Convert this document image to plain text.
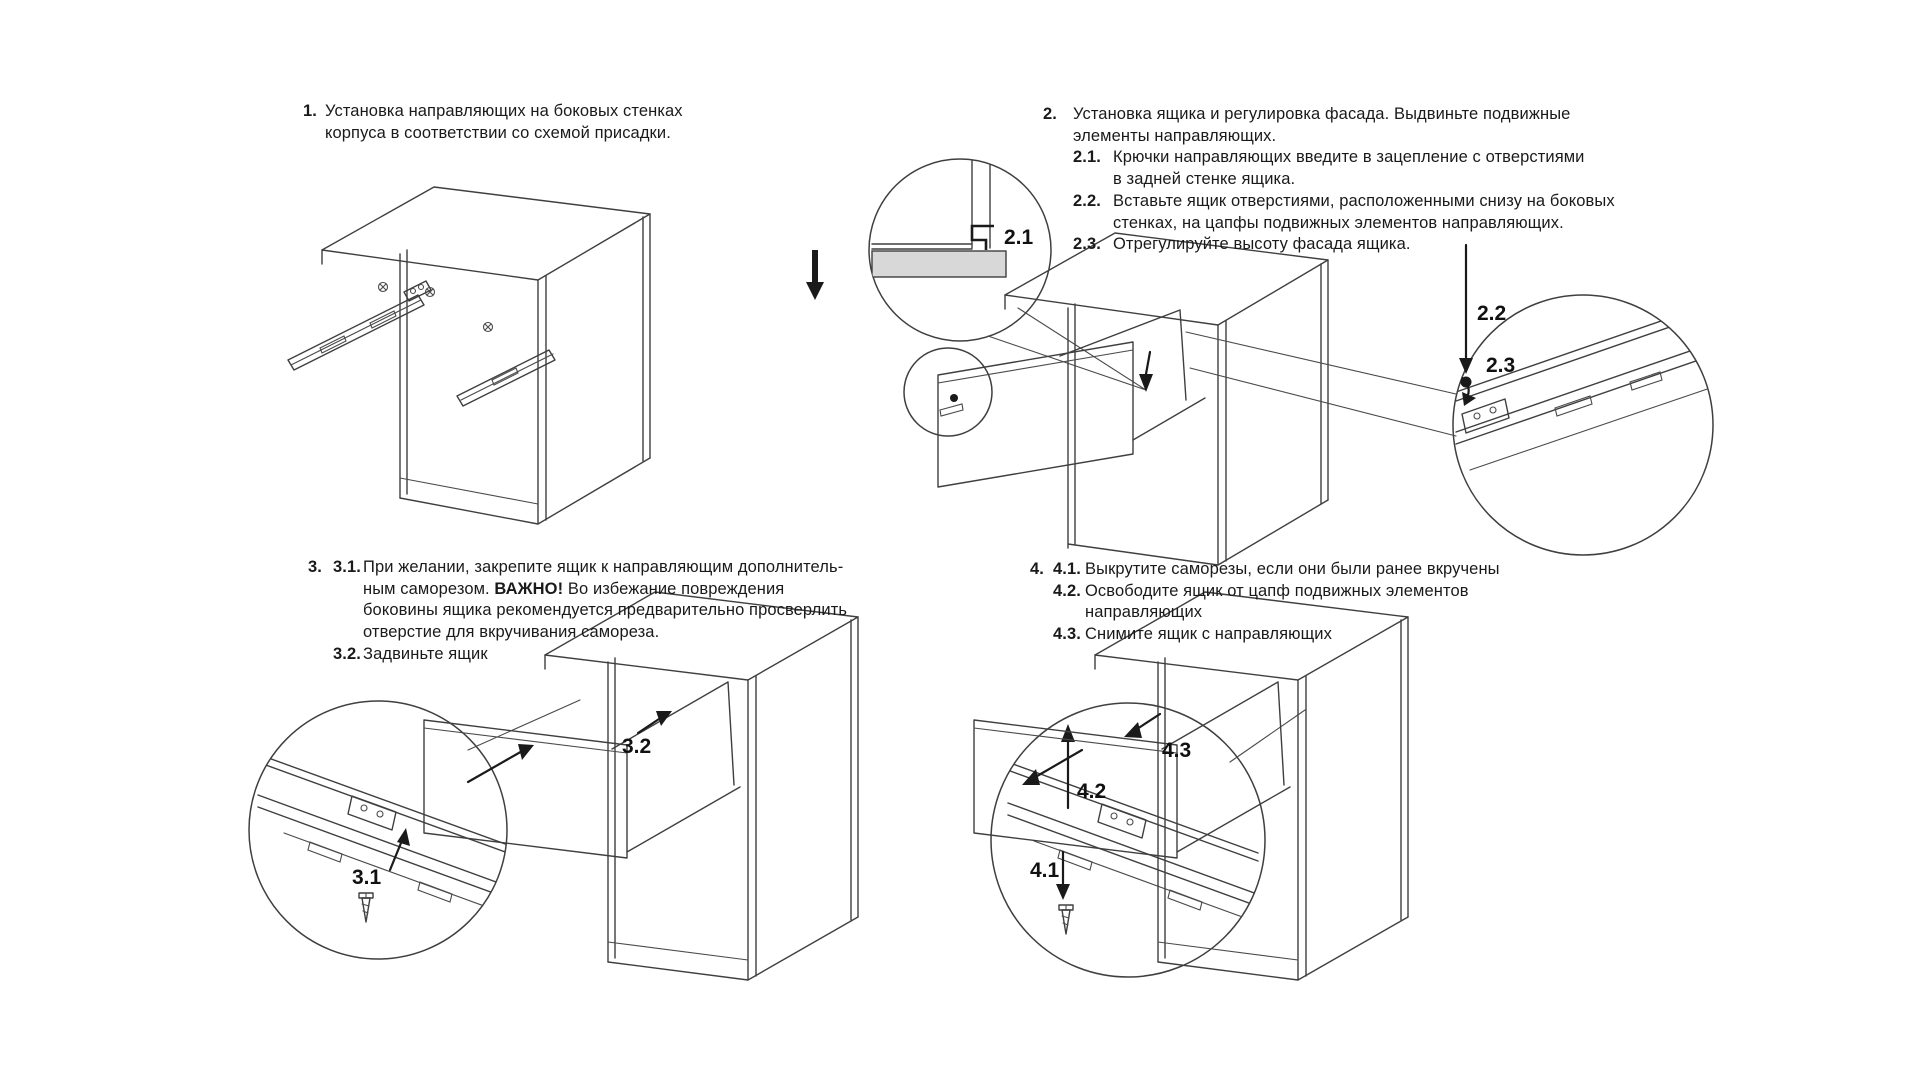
2.1
2.2
2.3
3.1
3.2
4.2
4.1
4.3
1. Установка направляющих на боковых стенках
корпуса в соответствии со схемой присадки.
2. Установка ящика и регулировка фасада. Выдвиньте подвижные
элементы направляющих.
2.1. Крючки направляющих введите в зацепление с отверстиями
в задней стенке ящика.
2.2. Вставьте ящик отверстиями, расположенными снизу на боковых
стенках, на цапфы подвижных элементов направляющих.
2.3. Отрегулируйте высоту фасада ящика.
3. 3.1. При желании, закрепите ящик к направляющим дополнитель-
ным саморезом. ВАЖНО! Во избежание повреждения
боковины ящика рекомендуется предварительно просверлить
отверстие для вкручивания самореза.
3.2. Задвиньте ящик
4. 4.1. Выкрутите саморезы, если они были ранее вкручены
4.2. Освободите ящик от цапф подвижных элементов
направляющих
4.3. Снимите ящик с направляющих
